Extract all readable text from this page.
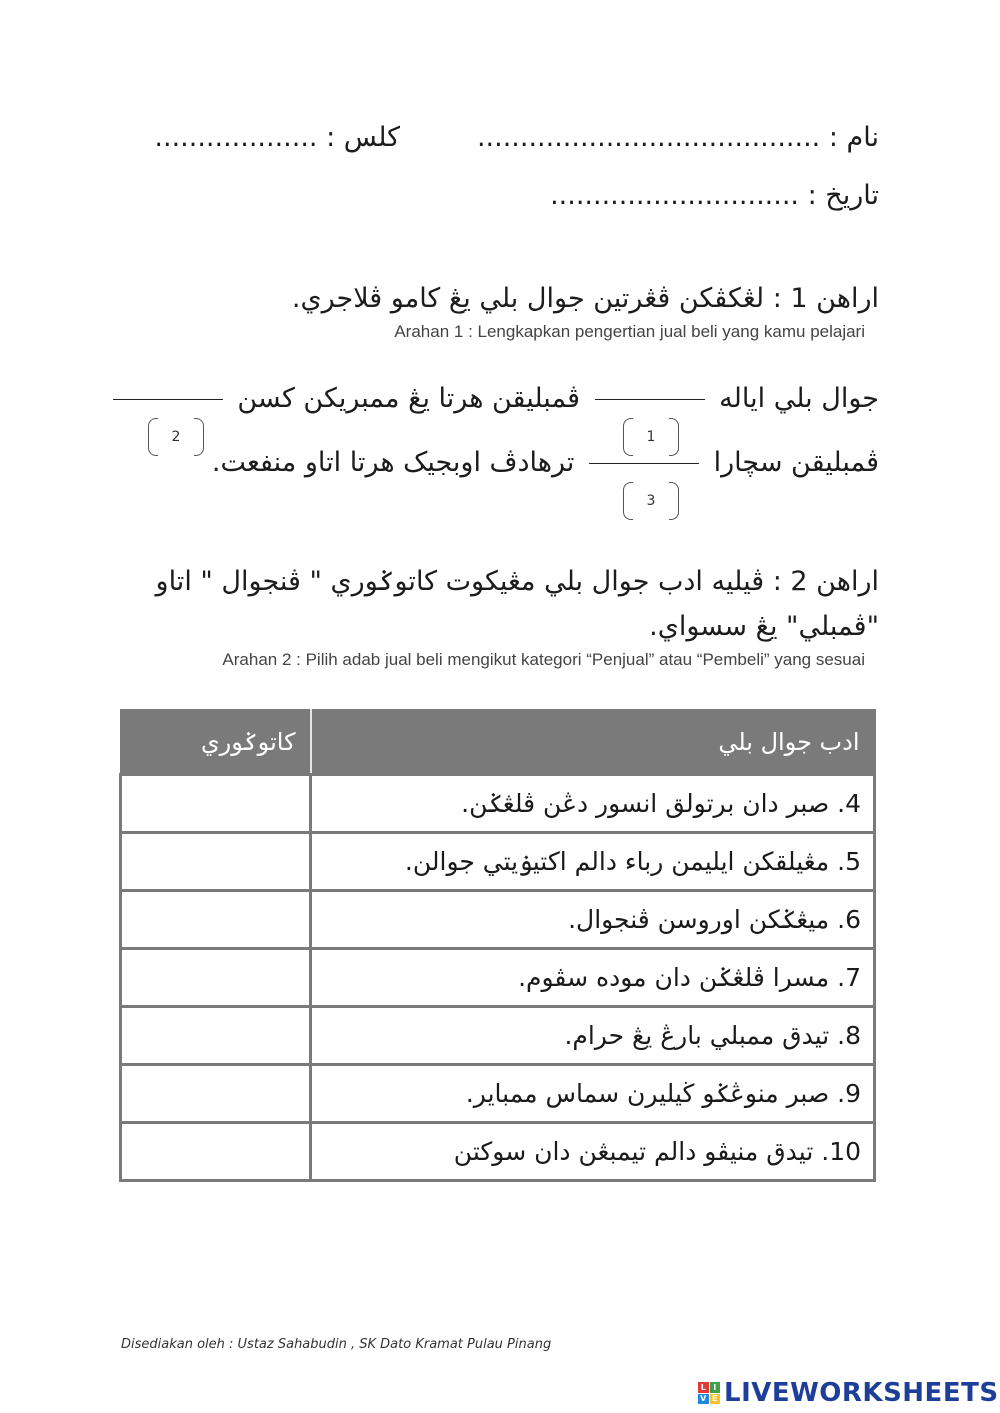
نام : ........................................
كلس : ...................
تاريخ : .............................
اراهن 1 : لڠكڤكن ڤڠرتين جوال بلي يڠ كامو ڤلاجري.
Arahan 1 : Lengkapkan pengertian jual beli yang kamu pelajari
جوال بلي اياله  ڤمبليقن هرتا يڠ ممبريكن كسن
ڤمبليقن سچارا  ترهادڤ اوبجيک هرتا اتاو منفعت.
1
2
3
اراهن 2 : ڤيليه ادب جوال بلي مڠيكوت كاتوݢوري " ڤنجوال " اتاو
"ڤمبلي" يڠ سسواي.
Arahan 2 : Pilih adab jual beli mengikut kategori “Penjual” atau “Pembeli” yang sesuai
كاتوݢوري	ادب جوال بلي
	4. صبر دان برتولق انسور دڠن ڤلڠݢن.
	5. مڠيلقكن ايليمن رباء دالم اكتيۏيتي جوالن.
	6. ميڠݢكن اوروسن ڤنجوال.
	7. مسرا ڤلڠݢن دان موده سڤوم.
	8. تيدق ممبلي بارڠ يڠ حرام.
	9. صبر منوڠݢو ڬيليرن سماس ممباير.
	10. تيدق منيڤو دالم تيمبڠن دان سوكتن
Disediakan oleh : Ustaz Sahabudin , SK Dato Kramat Pulau Pinang
L I
V E LIVEWORKSHEETS
